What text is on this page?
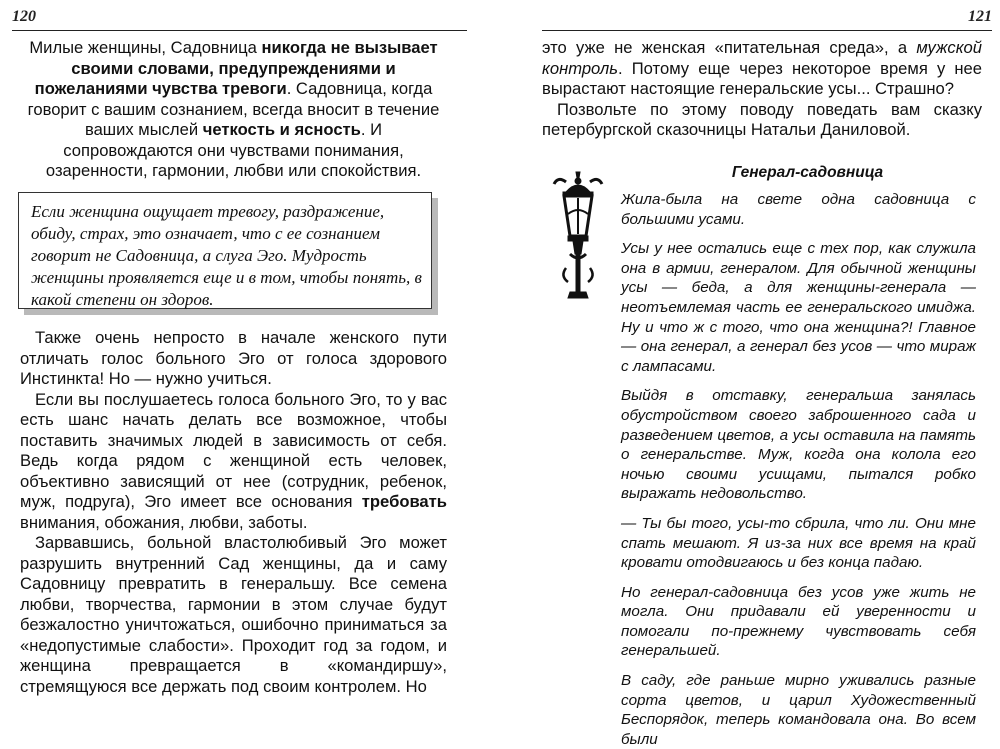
120

Милые женщины, Садовница никогда не вызывает своими словами, предупреждениями и пожеланиями чувства тревоги. Садовница, когда говорит с вашим сознанием, всегда вносит в течение ваших мыслей четкость и ясность. И сопровождаются они чувствами понимания, озаренности, гармонии, любви или спокойствия.

Если женщина ощущает тревогу, раздражение, обиду, страх, это означает, что с ее сознанием говорит не Садовница, а слуга Эго. Мудрость женщины проявляется еще и в том, чтобы понять, в какой степени он здоров.

Также очень непросто в начале женского пути отличать голос больного Эго от голоса здорового Инстинкта! Но — нужно учиться.

Если вы послушаетесь голоса больного Эго, то у вас есть шанс начать делать все возможное, чтобы поставить значимых людей в зависимость от себя. Ведь когда рядом с женщиной есть человек, объективно зависящий от нее (сотрудник, ребенок, муж, подруга), Эго имеет все основания требовать внимания, обожания, любви, заботы.

Зарвавшись, больной властолюбивый Эго может разрушить внутренний Сад женщины, да и саму Садовницу превратить в генеральшу. Все семена любви, творчества, гармонии в этом случае будут безжалостно уничтожаться, ошибочно приниматься за «недопустимые слабости». Проходит год за годом, и женщина превращается в «командиршу», стремящуюся все держать под своим контролем. Но

121

это уже не женская «питательная среда», а мужской контроль. Потому еще через некоторое время у нее вырастают настоящие генеральские усы... Страшно?

Позвольте по этому поводу поведать вам сказку петербургской сказочницы Натальи Даниловой.

Генерал-садовница

Жила-была на свете одна садовница с большими усами.

Усы у нее остались еще с тех пор, как служила она в армии, генералом. Для обычной женщины усы — беда, а для женщины-генерала — неотъемлемая часть ее генеральского имиджа. Ну и что ж с того, что она женщина?! Главное — она генерал, а генерал без усов — что мираж с лампасами.

Выйдя в отставку, генеральша занялась обустройством своего заброшенного сада и разведением цветов, а усы оставила на память о генеральстве. Муж, когда она колола его ночью своими усищами, пытался робко выражать недовольство.

— Ты бы того, усы-то сбрила, что ли. Они мне спать мешают. Я из-за них все время на край кровати отодвигаюсь и без конца падаю.

Но генерал-садовница без усов уже жить не могла. Они придавали ей уверенности и помогали по-прежнему чувствовать себя генеральшей.

В саду, где раньше мирно уживались разные сорта цветов, и царил Художественный Беспорядок, теперь командовала она. Во всем были
